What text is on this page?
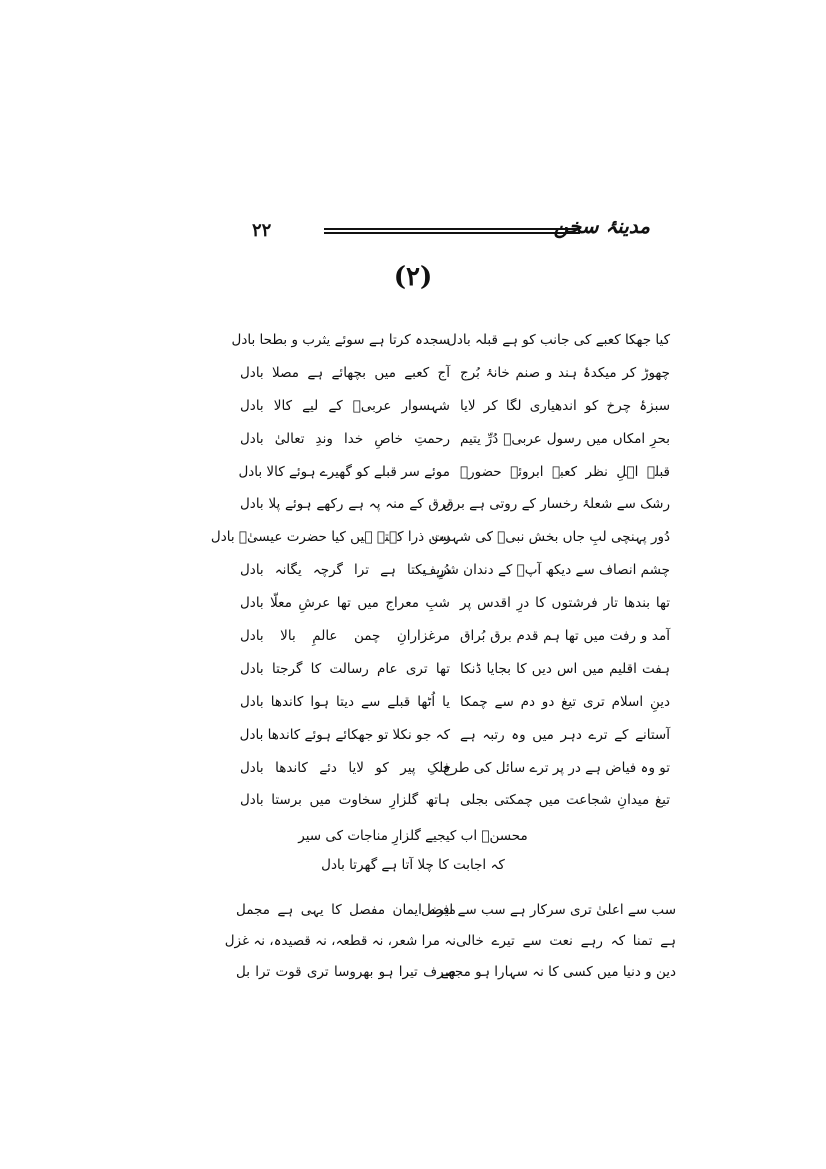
۲۲	مدینۂ سخن
(۲)
کیا جھکا کعبے کی جانب کو ہے قبلہ بادل
سجدہ کرتا ہے سوئے یثرب و بطحا بادل
چھوڑ کر میکدۂ ہند و صنم خانۂ بُرج
آج کعبے میں بچھائے ہے مصلا بادل
سبزۂ چرخ کو اندھیاری لگا کر لایا
شہسوار عربیؐ کے لیے کالا بادل
بحرِ امکاں میں رسول عربیؐ دُرِّ یتیم
رحمتِ خاصِ خدا وندِ تعالیٰ بادل
قبلۂ اہلِ نظر کعبۂ ابروئے حضورؐ
موئے سر قبلے کو گھیرے ہوئے کالا بادل
رشک سے شعلۂ رخسار کے روتی ہے برق
برق کے منہ پہ ہے رکھے ہوئے پلا بادل
دُور پہنچی لبِ جاں بخش نبیؐ کی شہرت
سن ذرا کہتے ہیں کیا حضرت عیسیٰؑ بادل
چشم انصاف سے دیکھ آپؐ کے دندان شریف
دُرِ یکتا ہے ترا گرچہ یگانہ بادل
تھا بندھا تار فرشتوں کا درِ اقدس پر
شبِ معراج میں تھا عرشِ معلّا بادل
آمد و رفت میں تھا ہم قدم برق بُراق
مرغزارانِ چمن عالمِ بالا بادل
ہفت اقلیم میں اس دیں کا بجایا ڈنکا
تھا تری عام رسالت کا گرجتا بادل
دینِ اسلام تری تیغ دو دم سے چمکا
یا اُٹھا قبلے سے دیتا ہوا کاندھا بادل
آستانے کے ترے دہر میں وہ رتبہ ہے
کہ جو نکلا تو جھکائے ہوئے کاندھا بادل
تو وہ فیاض ہے در پر ترے سائل کی طرح
فلکِ پیر کو لایا دئے کاندھا بادل
تیغ میدانِ شجاعت میں چمکتی بجلی
ہاتھ گلزارِ سخاوت میں برستا بادل
محسنؔ اب کیجیے گلزارِ مناجات کی سیر
کہ اجابت کا چلا آتا ہے گھرتا بادل
سب سے اعلیٰ تری سرکار ہے سب سے افضل
میرے ایمان مفصل کا یہی ہے مجمل
ہے تمنا کہ رہے نعت سے تیرے خالی
نہ مرا شعر، نہ قطعہ، نہ قصیدہ، نہ غزل
دین و دنیا میں کسی کا نہ سہارا ہو مجھے
صرف تیرا ہو بھروسا تری قوت ترا بل
